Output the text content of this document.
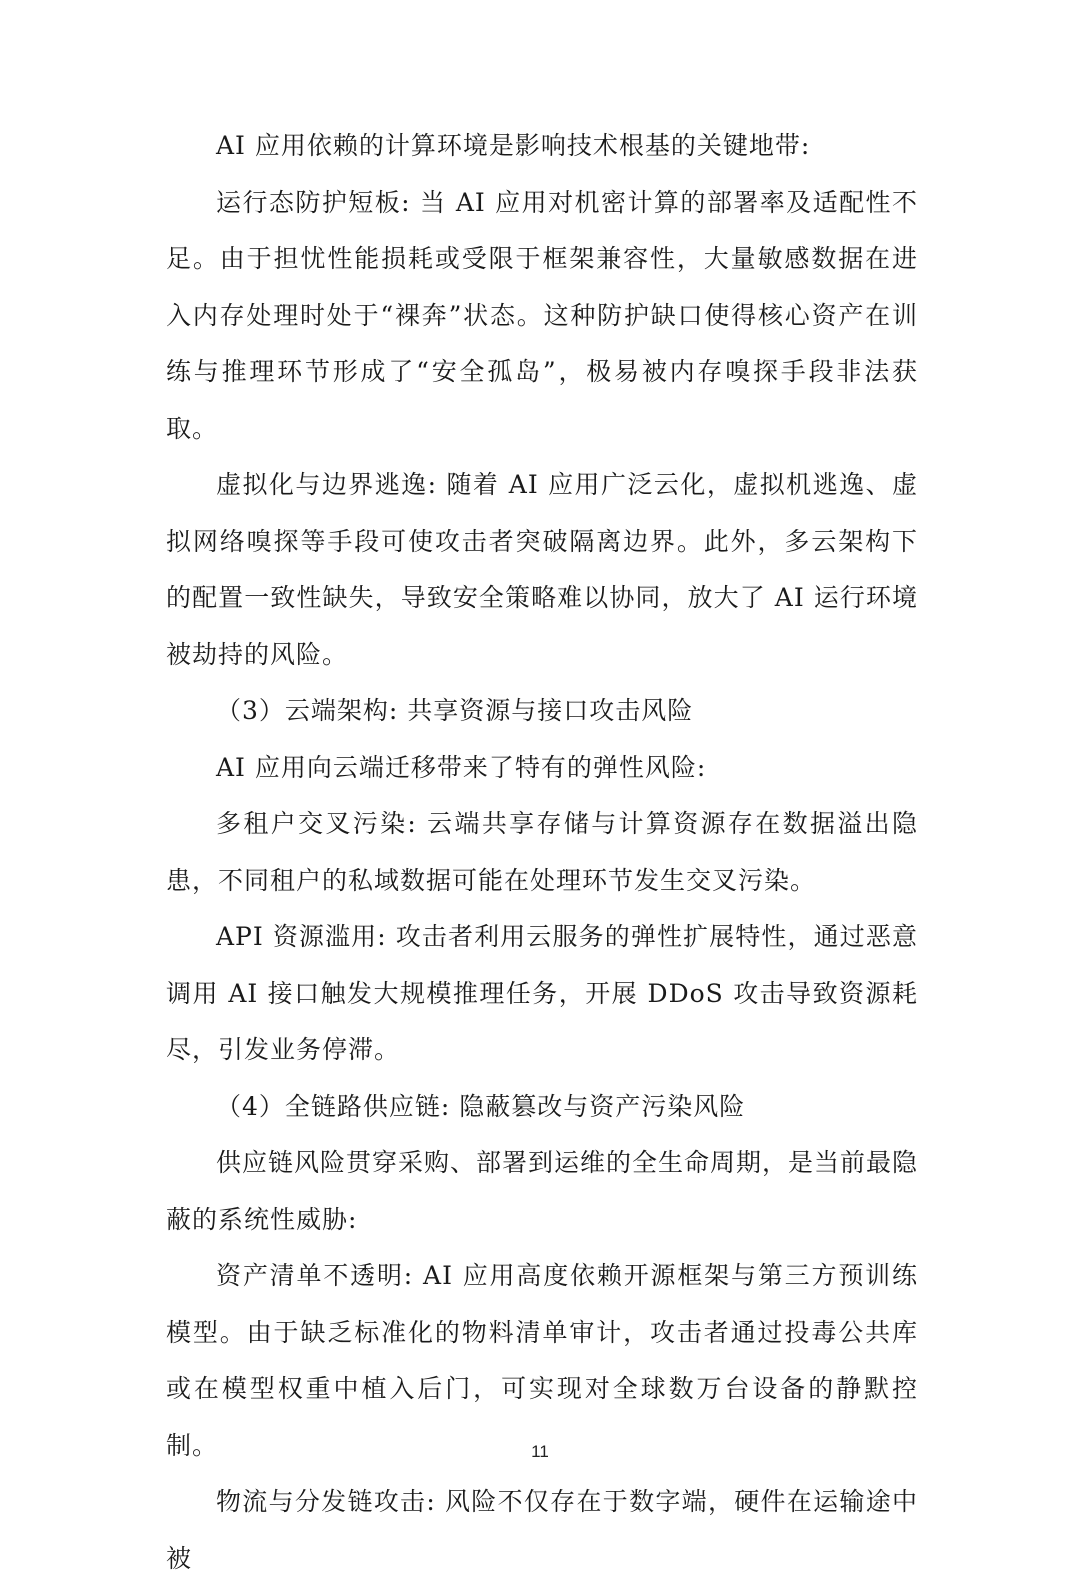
AI 应用依赖的计算环境是影响技术根基的关键地带:

运行态防护短板: 当 AI 应用对机密计算的部署率及适配性不足。由于担忧性能损耗或受限于框架兼容性，大量敏感数据在进入内存处理时处于“裸奔”状态。这种防护缺口使得核心资产在训练与推理环节形成了“安全孤岛”，极易被内存嗅探手段非法获取。

虚拟化与边界逃逸: 随着 AI 应用广泛云化，虚拟机逃逸、虚拟网络嗅探等手段可使攻击者突破隔离边界。此外，多云架构下的配置一致性缺失，导致安全策略难以协同，放大了 AI 运行环境被劫持的风险。

（3）云端架构: 共享资源与接口攻击风险

AI 应用向云端迁移带来了特有的弹性风险:

多租户交叉污染: 云端共享存储与计算资源存在数据溢出隐患，不同租户的私域数据可能在处理环节发生交叉污染。

API 资源滥用: 攻击者利用云服务的弹性扩展特性，通过恶意调用 AI 接口触发大规模推理任务，开展 DDoS 攻击导致资源耗尽，引发业务停滞。

（4）全链路供应链: 隐蔽篡改与资产污染风险

供应链风险贯穿采购、部署到运维的全生命周期，是当前最隐蔽的系统性威胁:

资产清单不透明: AI 应用高度依赖开源框架与第三方预训练模型。由于缺乏标准化的物料清单审计，攻击者通过投毒公共库或在模型权重中植入后门，可实现对全球数万台设备的静默控制。

物流与分发链攻击: 风险不仅存在于数字端，硬件在运输途中被

11
